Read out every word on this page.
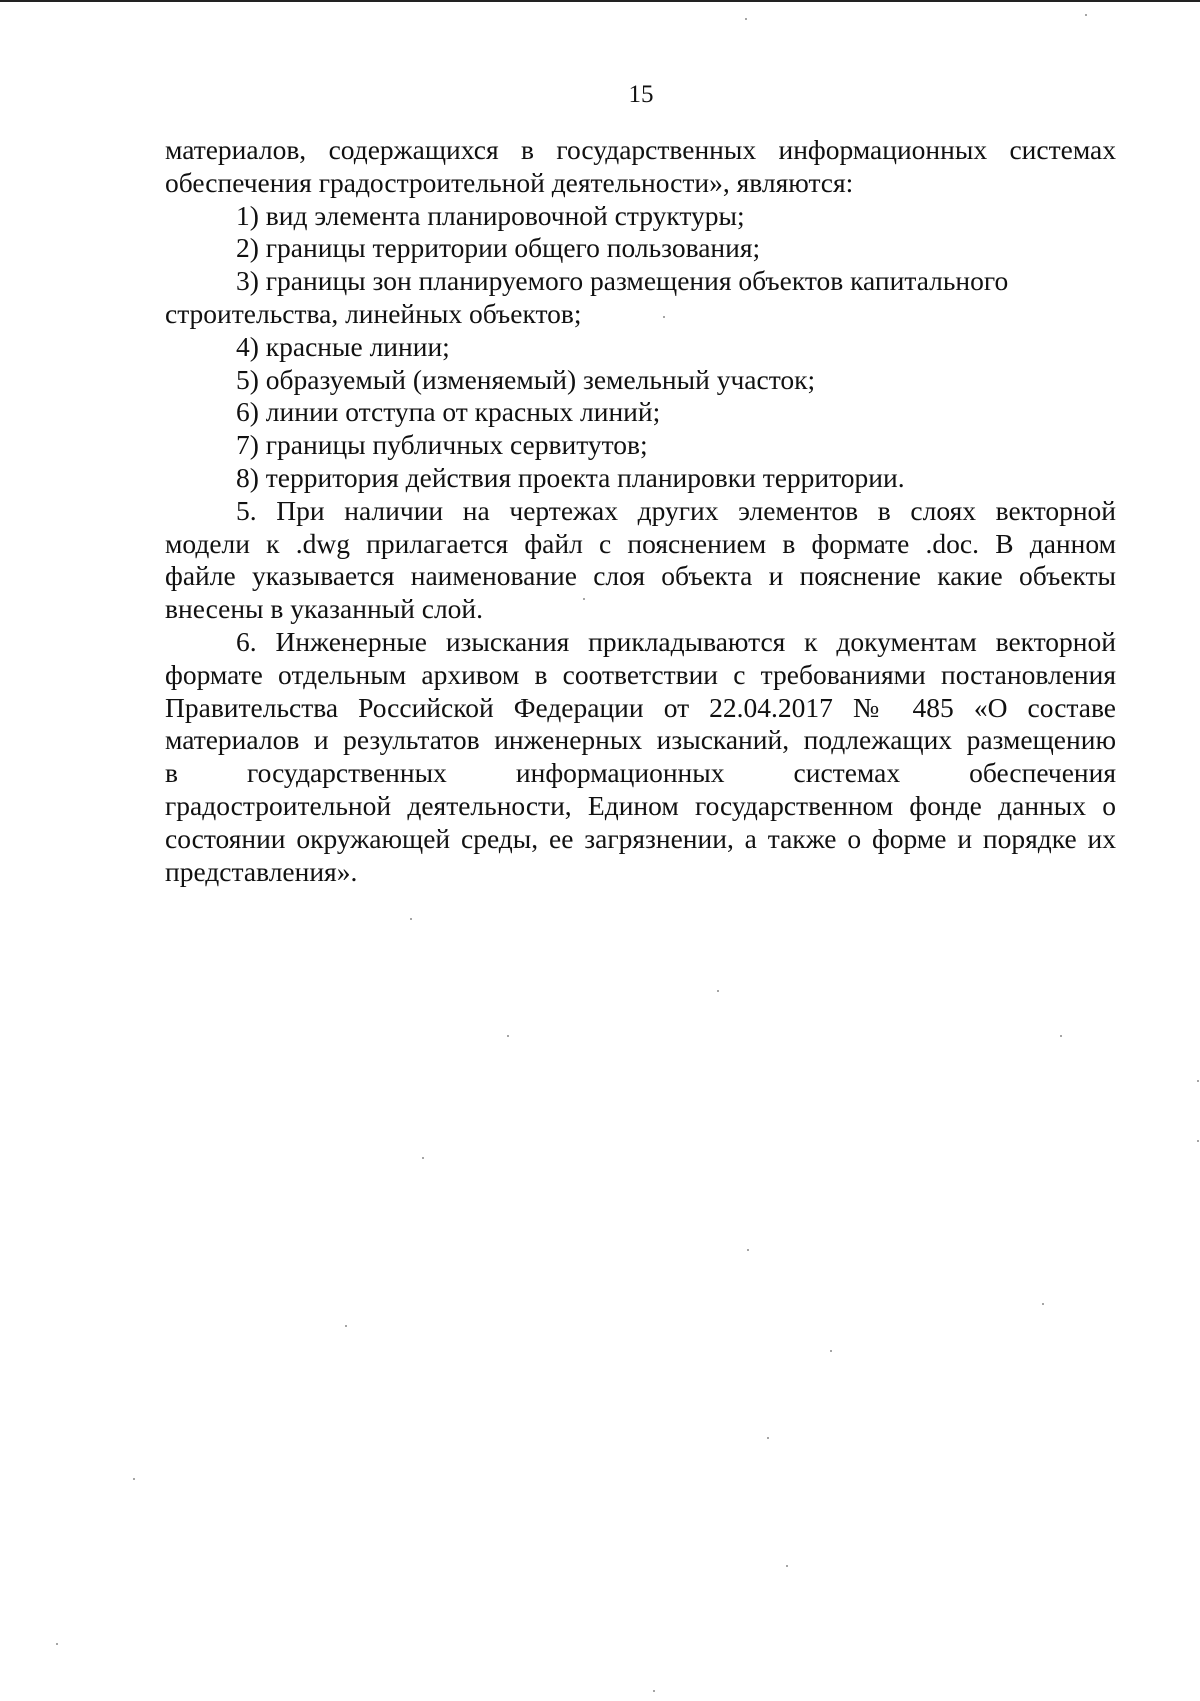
15
материалов, содержащихся в государственных информационных системах
обеспечения градостроительной деятельности», являются:
1) вид элемента планировочной структуры;
2) границы территории общего пользования;
3) границы зон планируемого размещения объектов капитального
строительства, линейных объектов;
4) красные линии;
5) образуемый (изменяемый) земельный участок;
6) линии отступа от красных линий;
7) границы публичных сервитутов;
8) территория действия проекта планировки территории.
5. При наличии на чертежах других элементов в слоях векторной
модели к .dwg прилагается файл с пояснением в формате .doc. В данном
файле указывается наименование слоя объекта и пояснение какие объекты
внесены в указанный слой.
6. Инженерные изыскания прикладываются к документам векторной
формате отдельным архивом в соответствии с требованиями постановления
Правительства Российской Федерации от 22.04.2017 № 485 «О составе
материалов и результатов инженерных изысканий, подлежащих размещению
в государственных информационных системах обеспечения
градостроительной деятельности, Едином государственном фонде данных о
состоянии окружающей среды, ее загрязнении, а также о форме и порядке их
представления».
